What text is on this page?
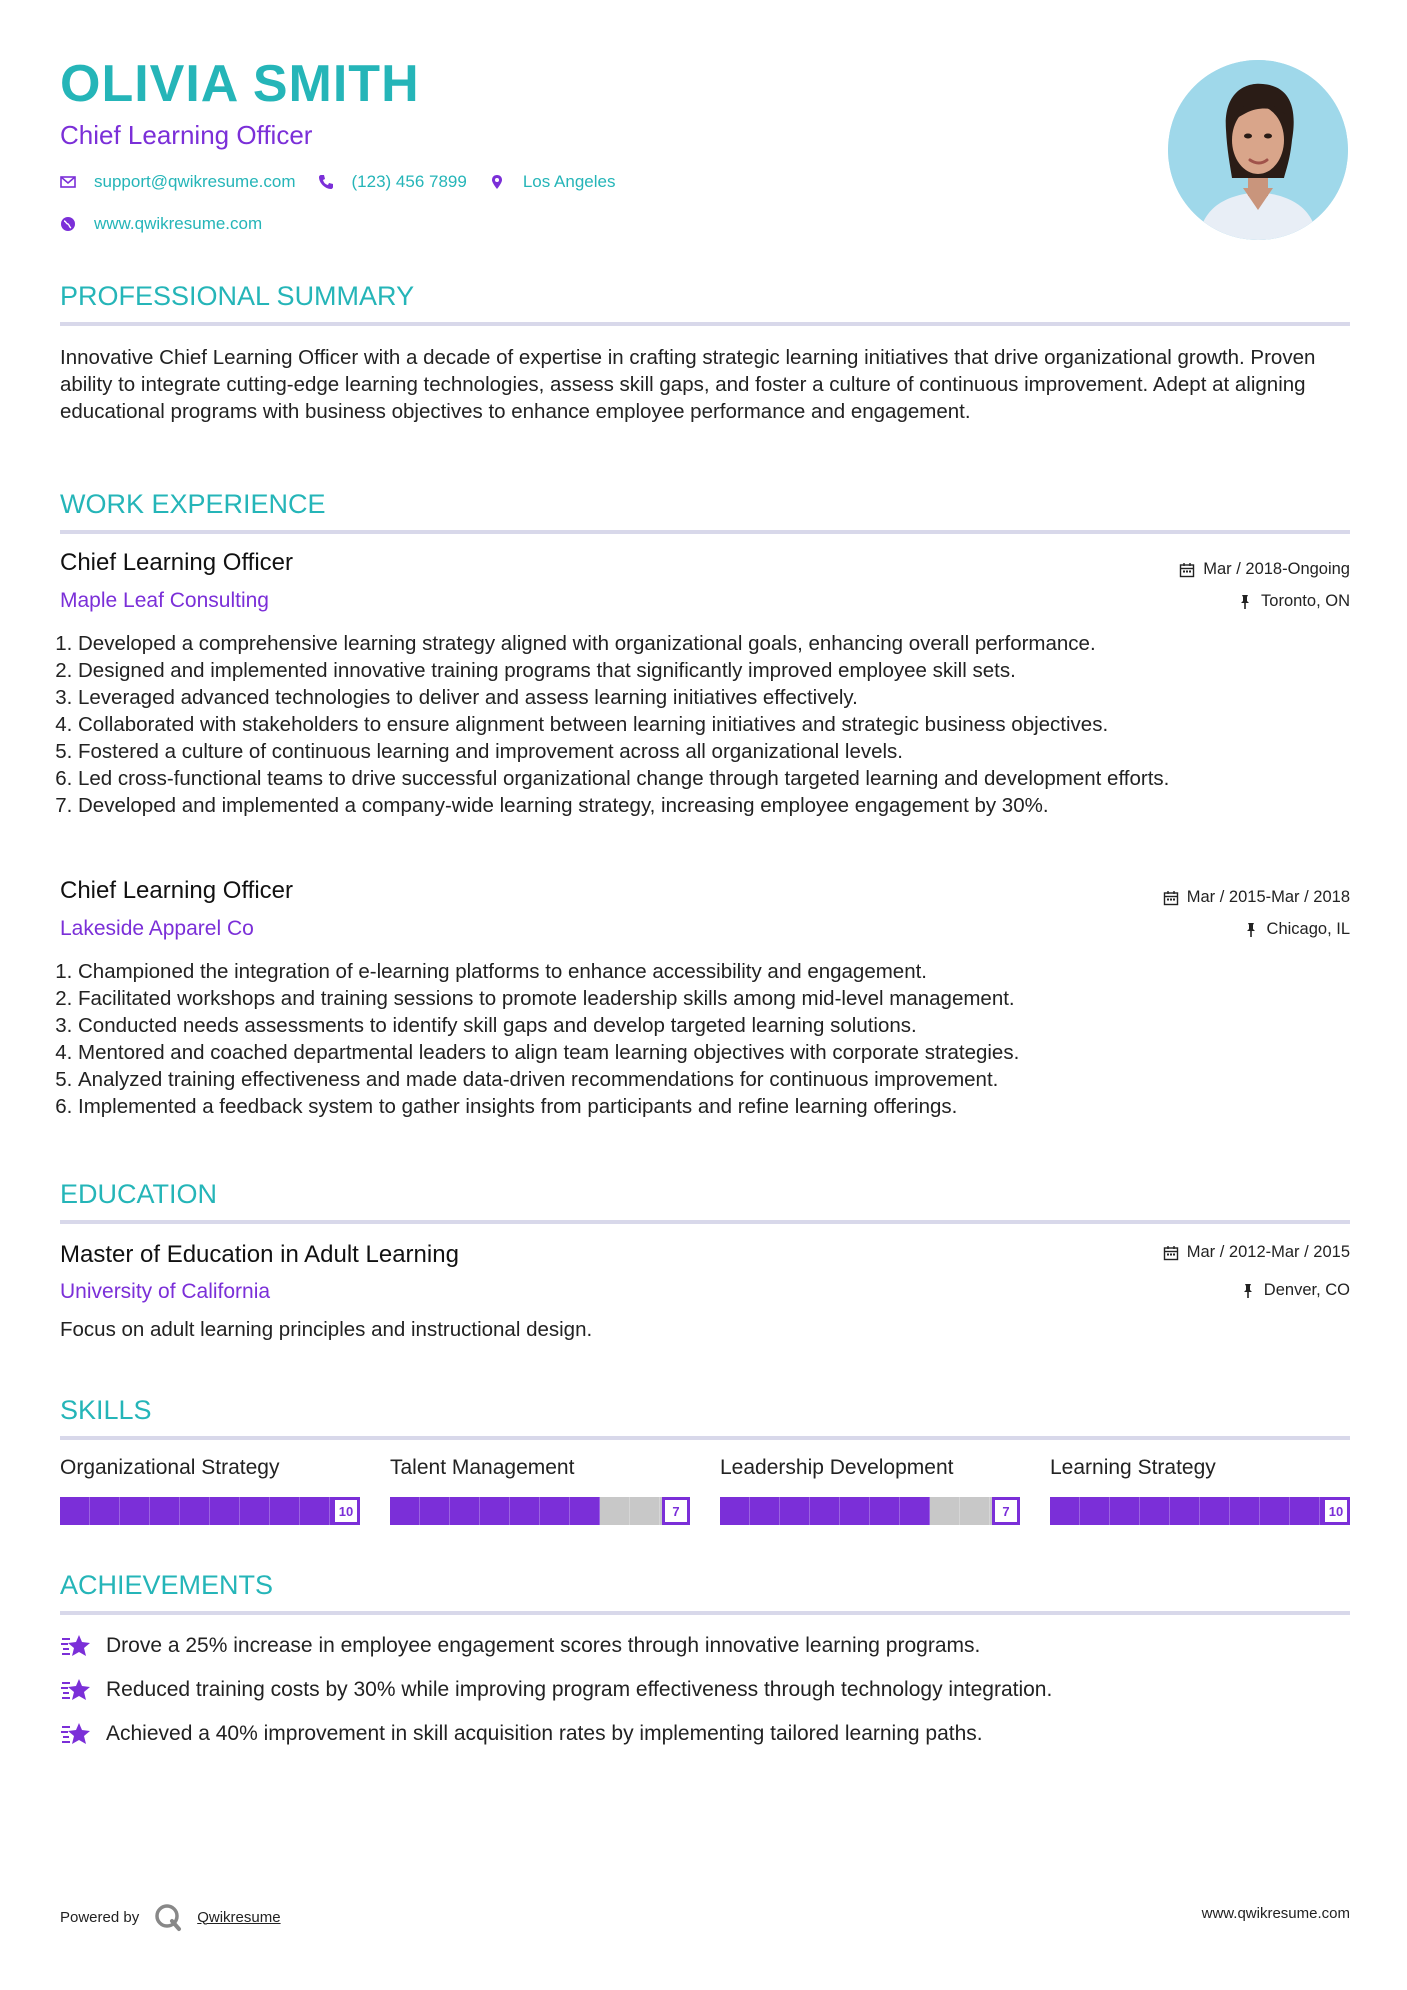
OLIVIA SMITH
Chief Learning Officer
support@qwikresume.com	(123) 456 7899	Los Angeles
www.qwikresume.com
PROFESSIONAL SUMMARY
Innovative Chief Learning Officer with a decade of expertise in crafting strategic learning initiatives that drive organizational growth. Proven ability to integrate cutting-edge learning technologies, assess skill gaps, and foster a culture of continuous improvement. Adept at aligning educational programs with business objectives to enhance employee performance and engagement.
WORK EXPERIENCE
Chief Learning Officer
Maple Leaf Consulting
Mar / 2018-Ongoing
Toronto, ON
1. Developed a comprehensive learning strategy aligned with organizational goals, enhancing overall performance.
2. Designed and implemented innovative training programs that significantly improved employee skill sets.
3. Leveraged advanced technologies to deliver and assess learning initiatives effectively.
4. Collaborated with stakeholders to ensure alignment between learning initiatives and strategic business objectives.
5. Fostered a culture of continuous learning and improvement across all organizational levels.
6. Led cross-functional teams to drive successful organizational change through targeted learning and development efforts.
7. Developed and implemented a company-wide learning strategy, increasing employee engagement by 30%.
Chief Learning Officer
Lakeside Apparel Co
Mar / 2015-Mar / 2018
Chicago, IL
1. Championed the integration of e-learning platforms to enhance accessibility and engagement.
2. Facilitated workshops and training sessions to promote leadership skills among mid-level management.
3. Conducted needs assessments to identify skill gaps and develop targeted learning solutions.
4. Mentored and coached departmental leaders to align team learning objectives with corporate strategies.
5. Analyzed training effectiveness and made data-driven recommendations for continuous improvement.
6. Implemented a feedback system to gather insights from participants and refine learning offerings.
EDUCATION
Master of Education in Adult Learning
University of California
Mar / 2012-Mar / 2015
Denver, CO
Focus on adult learning principles and instructional design.
SKILLS
Organizational Strategy
10
Talent Management
7
Leadership Development
7
Learning Strategy
10
ACHIEVEMENTS
Drove a 25% increase in employee engagement scores through innovative learning programs.
Reduced training costs by 30% while improving program effectiveness through technology integration.
Achieved a 40% improvement in skill acquisition rates by implementing tailored learning paths.
Powered by	Qwikresume	www.qwikresume.com
